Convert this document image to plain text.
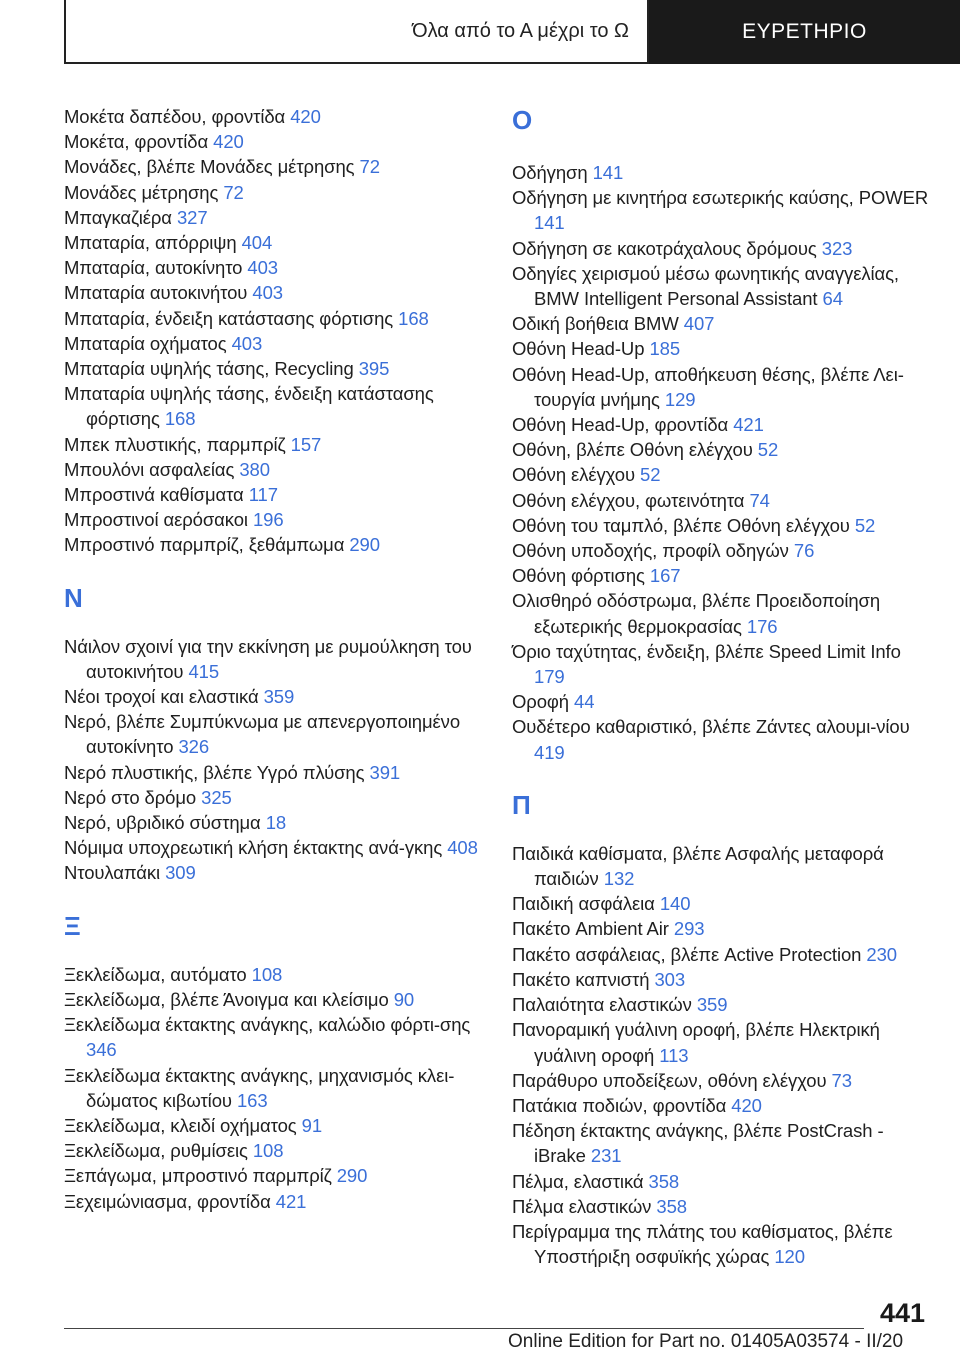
Όλα από το Α μέχρι το Ω	ΕΥΡΕΤΗΡΙΟ
Μοκέτα δαπέδου, φροντίδα 420
Μοκέτα, φροντίδα 420
Μονάδες, βλέπε Μονάδες μέτρησης 72
Μονάδες μέτρησης 72
Μπαγκαζιέρα 327
Μπαταρία, απόρριψη 404
Μπαταρία, αυτοκίνητο 403
Μπαταρία αυτοκινήτου 403
Μπαταρία, ένδειξη κατάστασης φόρτισης 168
Μπαταρία οχήματος 403
Μπαταρία υψηλής τάσης, Recycling 395
Μπαταρία υψηλής τάσης, ένδειξη κατάστασης φόρτισης 168
Μπεκ πλυστικής, παρμπρίζ 157
Μπουλόνι ασφαλείας 380
Μπροστινά καθίσματα 117
Μπροστινοί αερόσακοι 196
Μπροστινό παρμπρίζ, ξεθάμπωμα 290
N
Νάιλον σχοινί για την εκκίνηση με ρυμούλκηση του αυτοκινήτου 415
Νέοι τροχοί και ελαστικά 359
Νερό, βλέπε Συμπύκνωμα με απενεργοποιημένο αυτοκίνητο 326
Νερό πλυστικής, βλέπε Υγρό πλύσης 391
Νερό στο δρόμο 325
Νερό, υβριδικό σύστημα 18
Νόμιμα υποχρεωτική κλήση έκτακτης ανά-γκης 408
Ντουλαπάκι 309
Ξ
Ξεκλείδωμα, αυτόματο 108
Ξεκλείδωμα, βλέπε Άνοιγμα και κλείσιμο 90
Ξεκλείδωμα έκτακτης ανάγκης, καλώδιο φόρτι-σης 346
Ξεκλείδωμα έκτακτης ανάγκης, μηχανισμός κλει-δώματος κιβωτίου 163
Ξεκλείδωμα, κλειδί οχήματος 91
Ξεκλείδωμα, ρυθμίσεις 108
Ξεπάγωμα, μπροστινό παρμπρίζ 290
Ξεχειμώνιασμα, φροντίδα 421
O
Οδήγηση 141
Οδήγηση με κινητήρα εσωτερικής καύσης, POWER 141
Οδήγηση σε κακοτράχαλους δρόμους 323
Οδηγίες χειρισμού μέσω φωνητικής αναγγελίας, BMW Intelligent Personal Assistant 64
Οδική βοήθεια BMW 407
Οθόνη Head-Up 185
Οθόνη Head-Up, αποθήκευση θέσης, βλέπε Λει-τουργία μνήμης 129
Οθόνη Head-Up, φροντίδα 421
Οθόνη, βλέπε Οθόνη ελέγχου 52
Οθόνη ελέγχου 52
Οθόνη ελέγχου, φωτεινότητα 74
Οθόνη του ταμπλό, βλέπε Οθόνη ελέγχου 52
Οθόνη υποδοχής, προφίλ οδηγών 76
Οθόνη φόρτισης 167
Ολισθηρό οδόστρωμα, βλέπε Προειδοποίηση εξωτερικής θερμοκρασίας 176
Όριο ταχύτητας, ένδειξη, βλέπε Speed Limit Info 179
Οροφή 44
Ουδέτερο καθαριστικό, βλέπε Ζάντες αλουμι-νίου 419
Π
Παιδικά καθίσματα, βλέπε Ασφαλής μεταφορά παιδιών 132
Παιδική ασφάλεια 140
Πακέτο Ambient Air 293
Πακέτο ασφάλειας, βλέπε Active Protection 230
Πακέτο καπνιστή 303
Παλαιότητα ελαστικών 359
Πανοραμική γυάλινη οροφή, βλέπε Ηλεκτρική γυάλινη οροφή 113
Παράθυρο υποδείξεων, οθόνη ελέγχου 73
Πατάκια ποδιών, φροντίδα 420
Πέδηση έκτακτης ανάγκης, βλέπε PostCrash - iBrake 231
Πέλμα, ελαστικά 358
Πέλμα ελαστικών 358
Περίγραμμα της πλάτης του καθίσματος, βλέπε Υποστήριξη οσφυϊκής χώρας 120
441
Online Edition for Part no. 01405A03574 - II/20
